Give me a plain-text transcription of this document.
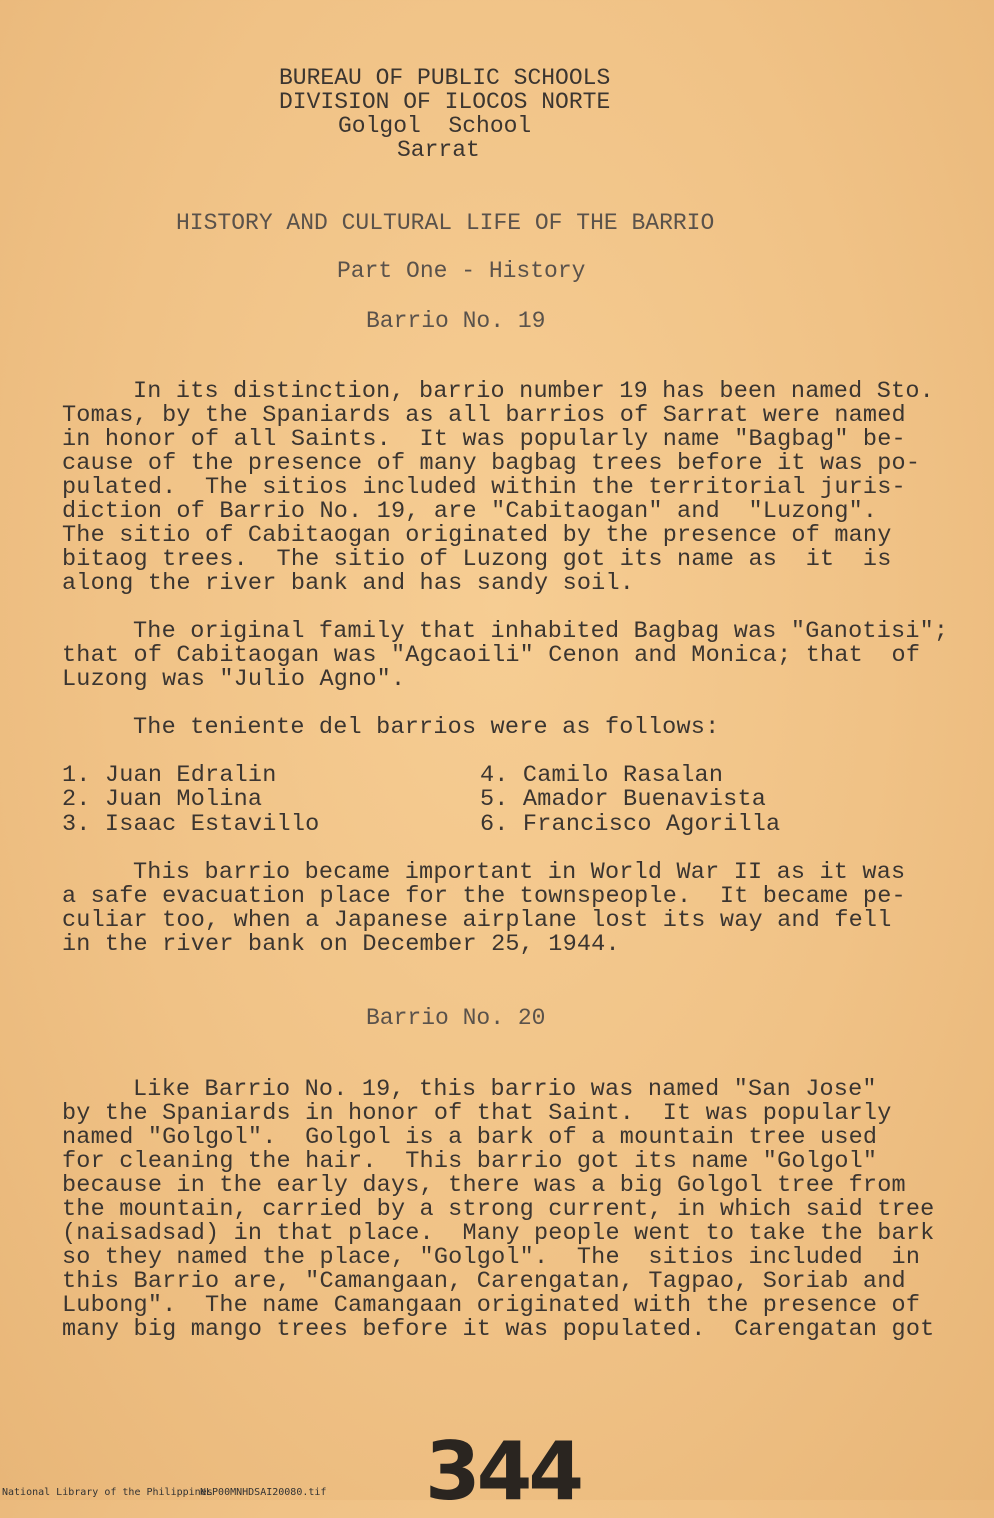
BUREAU OF PUBLIC SCHOOLS
DIVISION OF ILOCOS NORTE
Golgol  School
Sarrat
HISTORY AND CULTURAL LIFE OF THE BARRIO
Part One - History
Barrio No. 19
In its distinction, barrio number 19 has been named Sto.
Tomas, by the Spaniards as all barrios of Sarrat were named
in honor of all Saints.  It was popularly name "Bagbag" be-
cause of the presence of many bagbag trees before it was po-
pulated.  The sitios included within the territorial juris-
diction of Barrio No. 19, are "Cabitaogan" and  "Luzong".
The sitio of Cabitaogan originated by the presence of many
bitaog trees.  The sitio of Luzong got its name as  it  is
along the river bank and has sandy soil.
The original family that inhabited Bagbag was "Ganotisi";
that of Cabitaogan was "Agcaoili" Cenon and Monica; that  of
Luzong was "Julio Agno".
The teniente del barrios were as follows:
1. Juan Edralin
2. Juan Molina
3. Isaac Estavillo
4. Camilo Rasalan
5. Amador Buenavista
6. Francisco Agorilla
This barrio became important in World War II as it was
a safe evacuation place for the townspeople.  It became pe-
culiar too, when a Japanese airplane lost its way and fell
in the river bank on December 25, 1944.
Barrio No. 20
Like Barrio No. 19, this barrio was named "San Jose"
by the Spaniards in honor of that Saint.  It was popularly
named "Golgol".  Golgol is a bark of a mountain tree used
for cleaning the hair.  This barrio got its name "Golgol"
because in the early days, there was a big Golgol tree from
the mountain, carried by a strong current, in which said tree
(naisadsad) in that place.  Many people went to take the bark
so they named the place, "Golgol".  The  sitios included  in
this Barrio are, "Camangaan, Carengatan, Tagpao, Soriab and
Lubong".  The name Camangaan originated with the presence of
many big mango trees before it was populated.  Carengatan got
344
National Library of the Philippines
NLP00MNHDSAI20080.tif
